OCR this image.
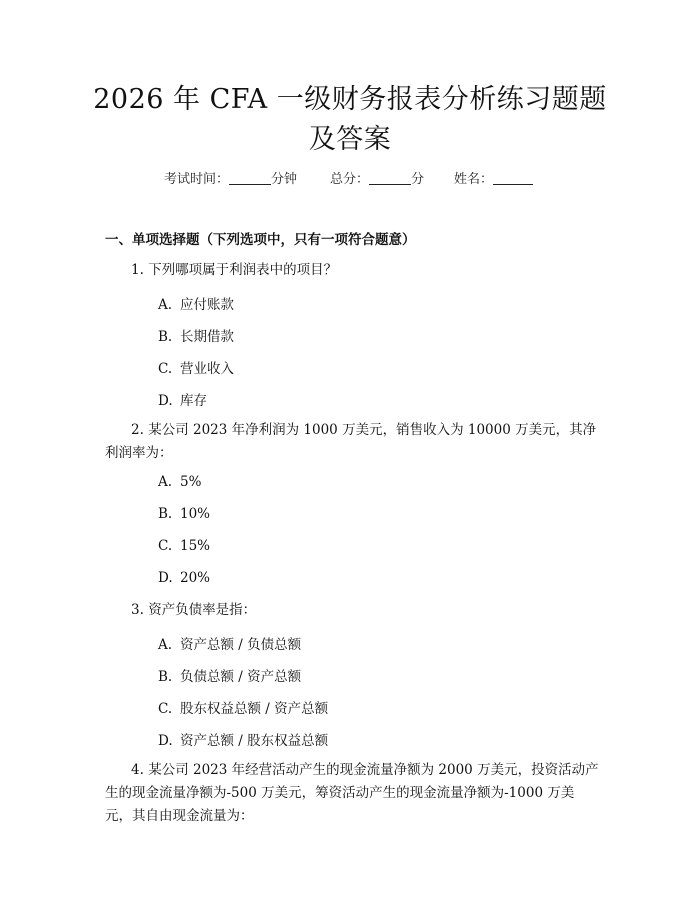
2026 年 CFA 一级财务报表分析练习题题及答案
考试时间：	分钟	总分：	分 姓名：
一、单项选择题（下列选项中，只有一项符合题意）
1. 下列哪项属于利润表中的项目？
A. 应付账款
B. 长期借款
C. 营业收入
D. 库存
2. 某公司 2023 年净利润为 1000 万美元，销售收入为 10000 万美元，其净利润率为：
A. 5%
B. 10%
C. 15%
D. 20%
3. 资产负债率是指：
A. 资产总额 / 负债总额
B. 负债总额 / 资产总额
C. 股东权益总额 / 资产总额
D. 资产总额 / 股东权益总额
4. 某公司 2023 年经营活动产生的现金流量净额为 2000 万美元，投资活动产生的现金流量净额为-500 万美元，筹资活动产生的现金流量净额为-1000 万美元，其自由现金流量为：
